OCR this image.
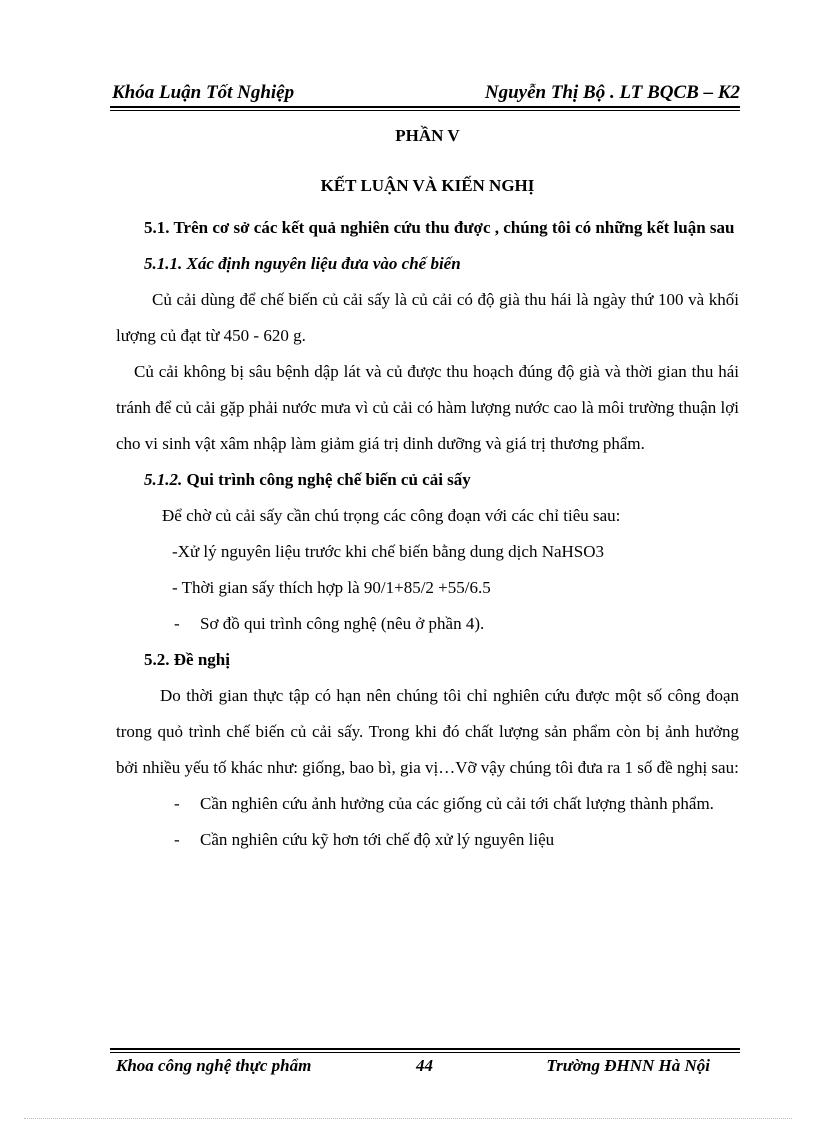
Khóa Luận Tốt Nghiệp	Nguyễn Thị Bộ . LT BQCB – K2
PHẦN V
KẾT LUẬN VÀ KIẾN NGHỊ

5.1. Trên cơ sở các kết quả nghiên cứu thu được , chúng tôi có những kết luận sau

5.1.1. Xác định nguyên liệu đưa vào chế biến

Củ cải dùng để chế biến củ cải sấy là củ cải có độ già thu hái là ngày thứ 100 và khối lượng củ đạt từ 450 - 620 g.

Củ cải không bị sâu bệnh dập lát và củ được thu hoạch đúng độ già và thời gian thu hái tránh để củ cải gặp phải nước mưa vì củ cải có hàm lượng nước cao là môi trường thuận lợi cho vi sinh vật xâm nhập làm giảm giá trị dinh dưỡng và giá trị thương phẩm.

5.1.2. Qui trình công nghệ chế biến củ cải sấy

Để chờ củ cải sấy cần chú trọng các công đoạn với các chỉ tiêu sau:

-Xử lý nguyên liệu trước khi chế biến bằng dung dịch NaHSO3

- Thời gian sấy thích hợp là 90/1+85/2 +55/6.5

- Sơ đồ qui trình công nghệ (nêu ở phần 4).

5.2. Đề nghị

Do thời gian thực tập có hạn nên chúng tôi chỉ nghiên cứu được một số công đoạn trong quỏ trình chế biến củ cải sấy. Trong khi đó chất lượng sản phẩm còn bị ảnh hưởng bởi nhiều yếu tố khác như: giống, bao bì, gia vị…Vỡ vậy chúng tôi đưa ra 1 số đề nghị sau:

- Cần nghiên cứu ảnh hưởng của các giống củ cải tới chất lượng thành phẩm.

- Cần nghiên cứu kỹ hơn tới chế độ xử lý nguyên liệu

Khoa công nghệ thực phẩm	44	Trường ĐHNN Hà Nội
